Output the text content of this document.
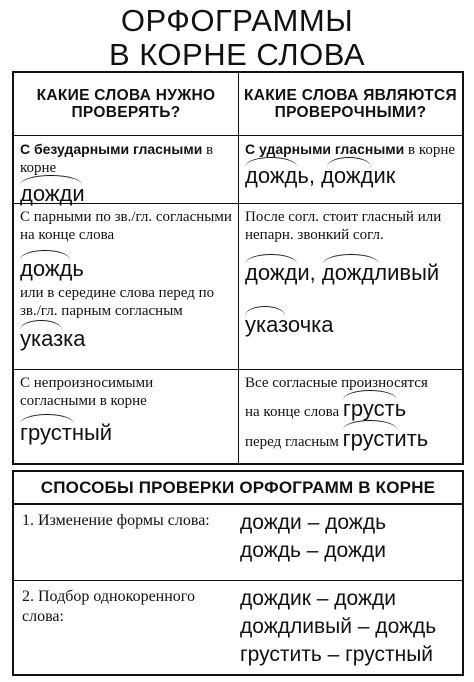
ОРФОГРАММЫ
В КОРНЕ СЛОВА
КАКИЕ СЛОВА НУЖНО ПРОВЕРЯТЬ?
КАКИЕ СЛОВА ЯВЛЯЮТСЯ ПРОВЕРОЧНЫМИ?
С безударными гласными в корне
дожди
С ударными гласными в корне
дождь, дождик
С парными по зв./гл. согласными на конце слова
дождь
или в середине слова перед по зв./гл. парным согласным
указка
После согл. стоит гласный или непарн. звонкий согл.
дожди, дождливый
указочка
С непроизносимыми согласными в корне
грустный
Все согласные произносятся
на конце слова грусть
перед гласным грустить
СПОСОБЫ ПРОВЕРКИ ОРФОГРАММ В КОРНЕ
1. Изменение формы слова:	дожди – дождь
дождь – дожди
2. Подбор однокоренного слова:
дождик – дожди
дождливый – дождь
грустить – грустный
